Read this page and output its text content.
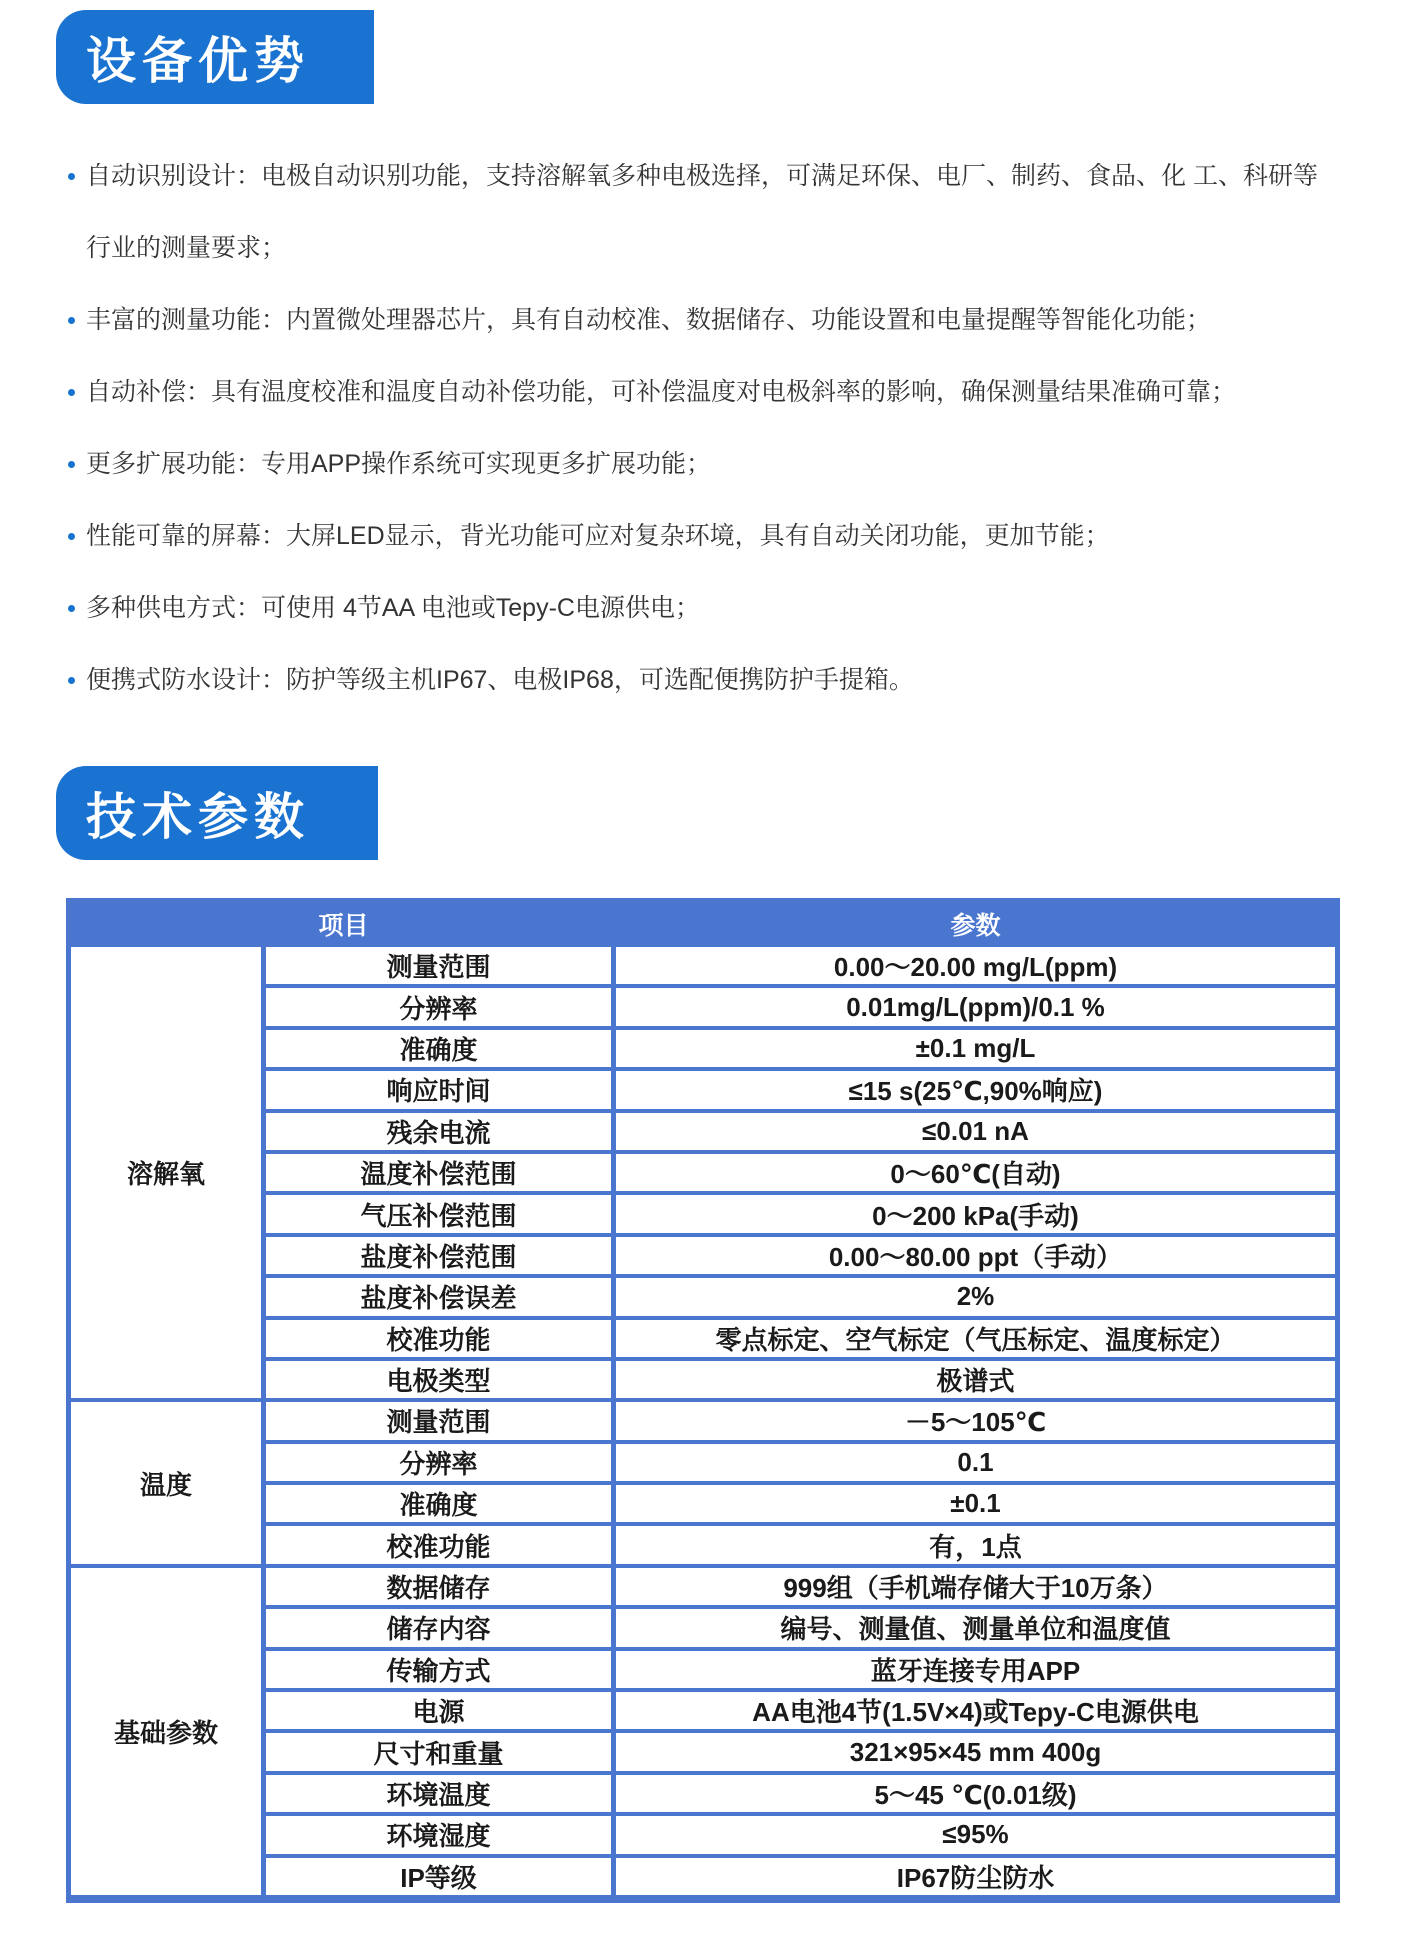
设备优势
自动识别设计：电极自动识别功能，支持溶解氧多种电极选择，可满足环保、电厂、制药、食品、化 工、科研等
行业的测量要求；
丰富的测量功能：内置微处理器芯片，具有自动校准、数据储存、功能设置和电量提醒等智能化功能；
自动补偿：具有温度校准和温度自动补偿功能，可补偿温度对电极斜率的影响，确保测量结果准确可靠；
更多扩展功能：专用APP操作系统可实现更多扩展功能；
性能可靠的屏幕：大屏LED显示，背光功能可应对复杂环境，具有自动关闭功能，更加节能；
多种供电方式：可使用 4节AA 电池或Tepy-C电源供电；
便携式防水设计：防护等级主机IP67、电极IP68，可选配便携防护手提箱。
技术参数
项目		参数
溶解氧	测量范围	0.00～20.00 mg/L(ppm)
	分辨率	0.01mg/L(ppm)/0.1 %
	准确度	±0.1 mg/L
	响应时间	≤15 s(25℃,90%响应)
	残余电流	≤0.01 nA
	温度补偿范围	0～60℃(自动)
	气压补偿范围	0～200 kPa(手动)
	盐度补偿范围	0.00～80.00 ppt（手动）
	盐度补偿误差	2%
	校准功能	零点标定、空气标定（气压标定、温度标定）
	电极类型	极谱式
温度	测量范围	－5～105℃
	分辨率	0.1
	准确度	±0.1
	校准功能	有，1点
基础参数	数据储存	999组（手机端存储大于10万条）
	储存内容	编号、测量值、测量单位和温度值
	传输方式	蓝牙连接专用APP
	电源	AA电池4节(1.5V×4)或Tepy-C电源供电
	尺寸和重量	321×95×45 mm 400g
	环境温度	5～45 ℃(0.01级)
	环境湿度	≤95%
	IP等级	IP67防尘防水
